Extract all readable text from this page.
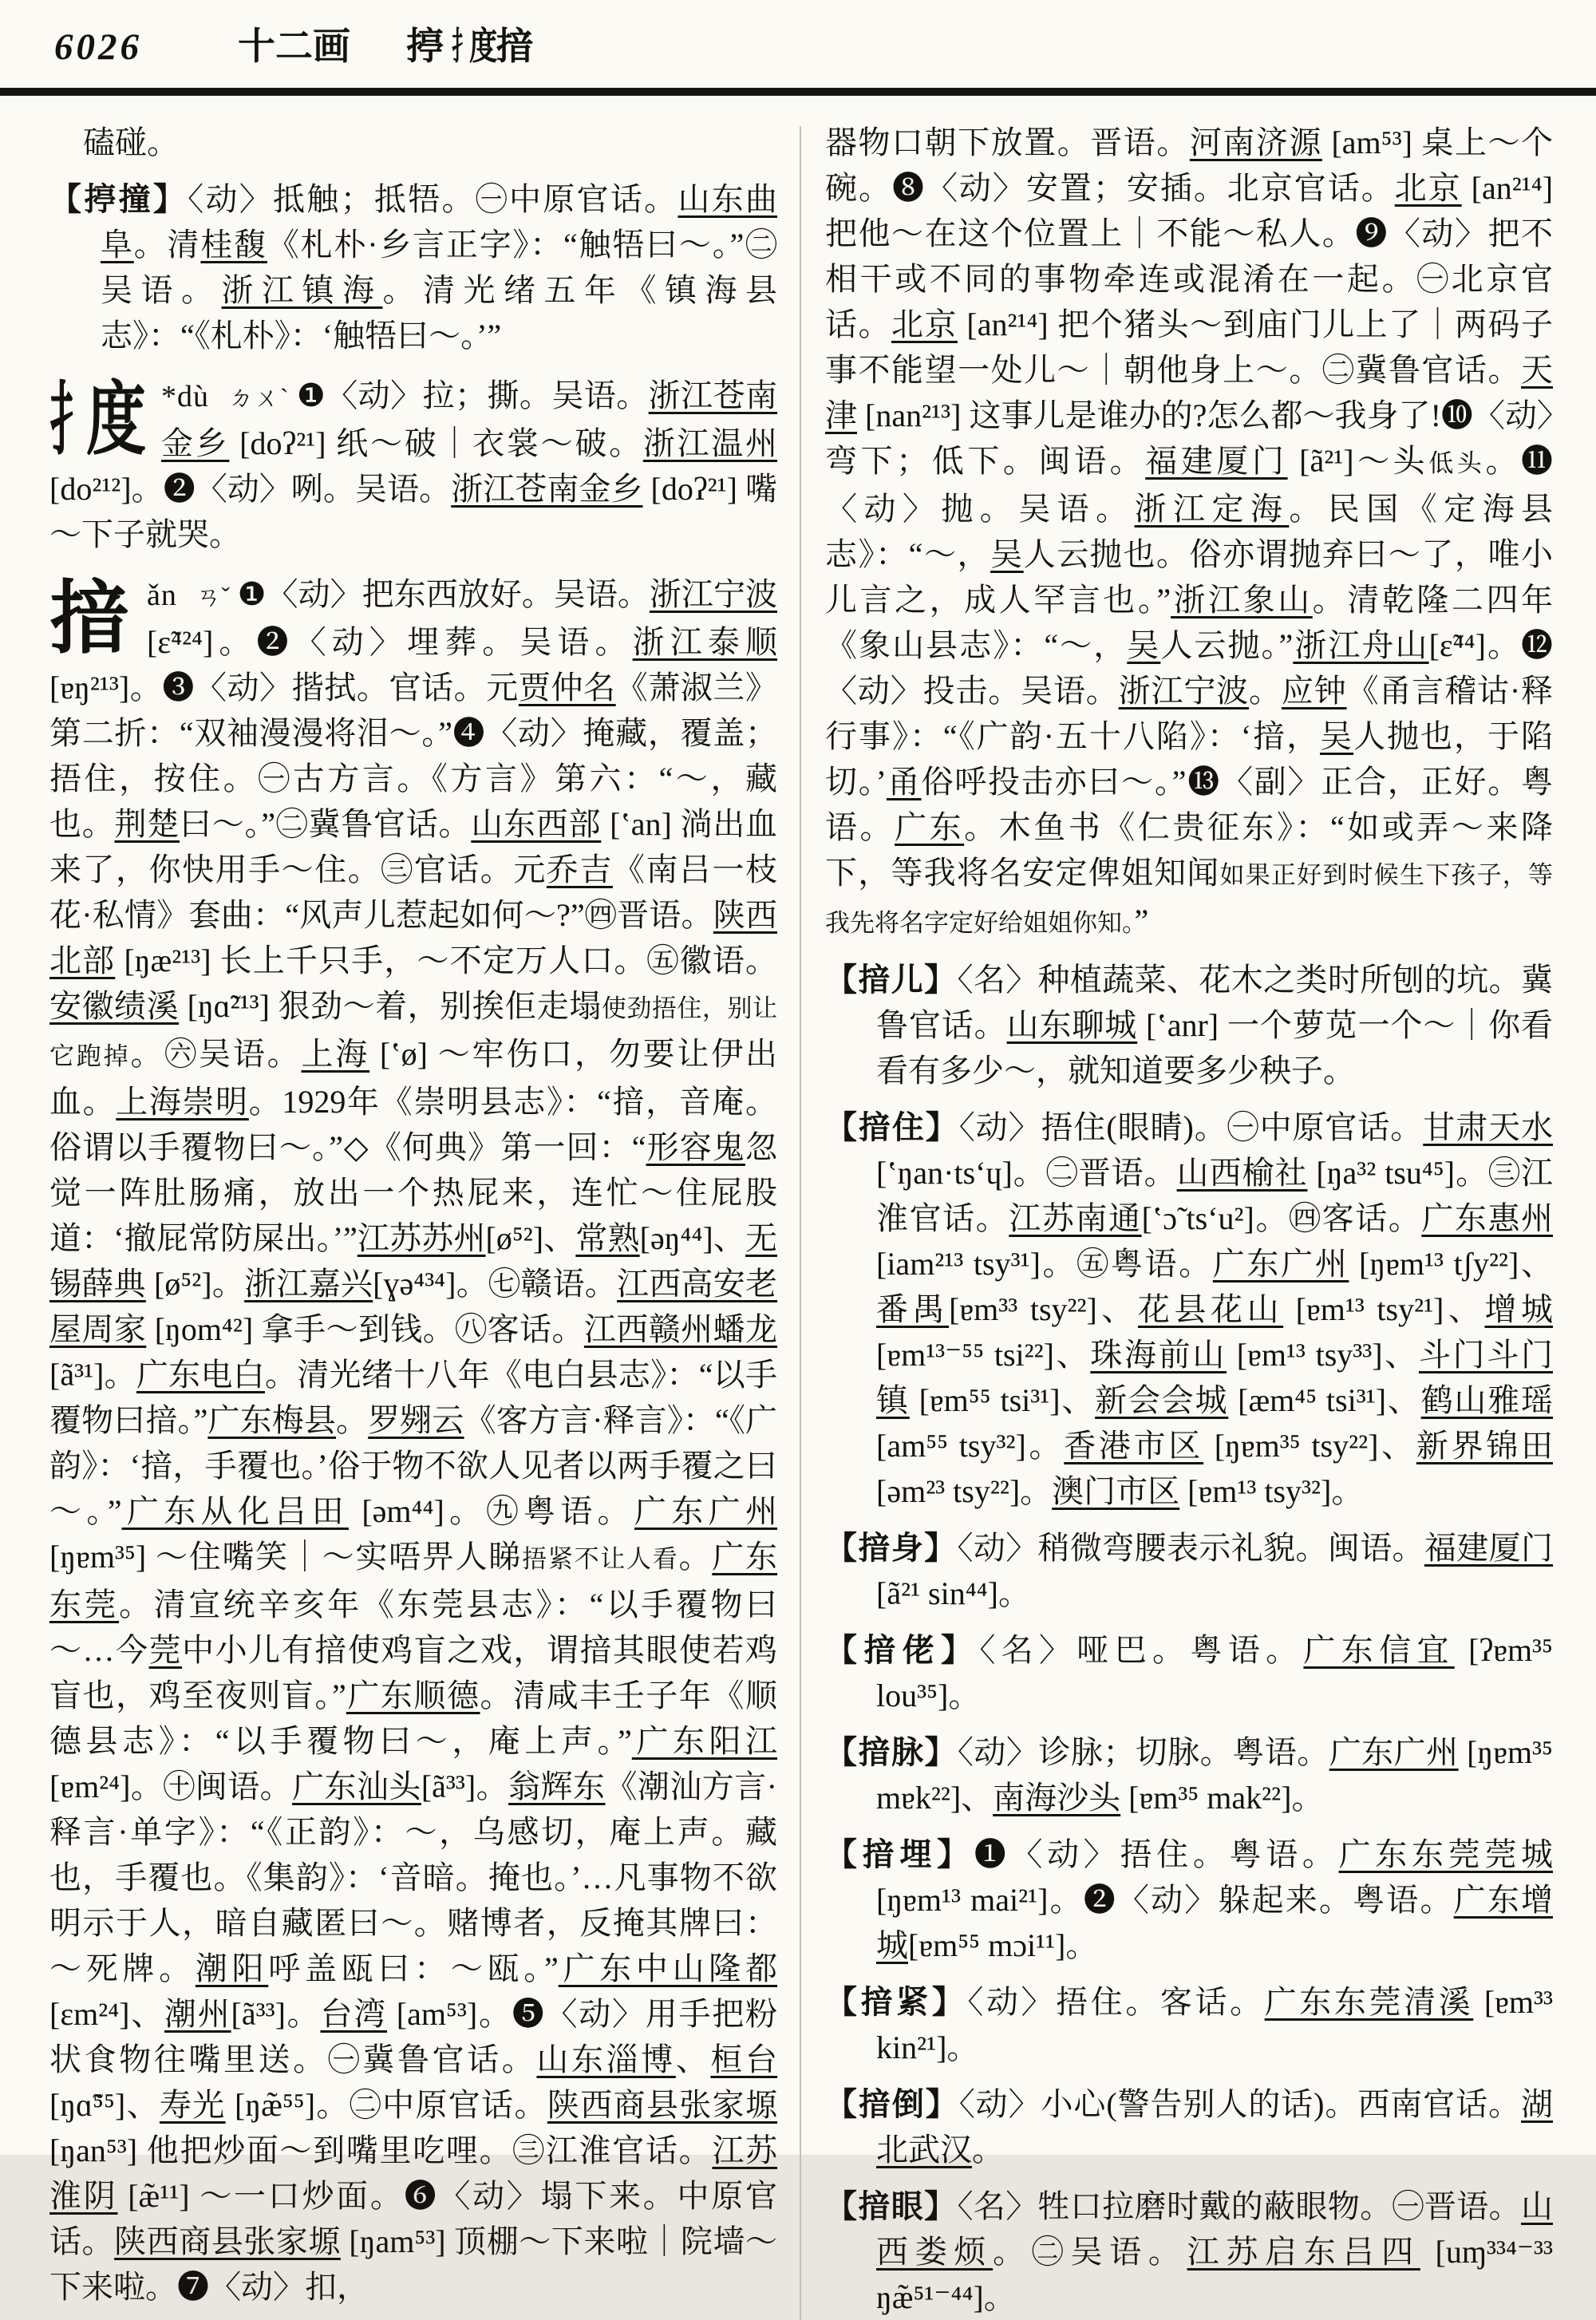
6026	十二画 揨 扌度
揞

磕碰。

【揨撞】〈动〉抵触；抵牾。㊀中原官话。山东曲阜。清桂馥《札朴·乡言正字》：“触牾曰～。”㊁吴语。浙江镇海。清光绪五年《镇海县志》：“《札朴》：‘触牾曰～。’”
扌度 *dù ㄉㄨˋ ❶〈动〉拉；撕。吴语。浙江苍南金乡 [doʔ²¹] 纸～破｜衣裳～破。浙江温州 [do²¹²]。❷〈动〉咧。吴语。浙江苍南金乡 [doʔ²¹] 嘴～下子就哭。
揞 ǎn ㄢˇ ❶〈动〉把东西放好。吴语。浙江宁波[ɛ̃⁴²⁴]。❷〈动〉埋葬。吴语。浙江泰顺 [ɐŋ²¹³]。❸〈动〉揩拭。官话。元贾仲名《萧淑兰》第二折：“双袖漫漫将泪～。”❹〈动〉掩藏，覆盖；捂住，按住。㊀古方言。《方言》第六：“～，藏也。荆楚曰～。”㊁冀鲁官话。山东西部 [ʽan] 淌出血来了，你快用手～住。㊂官话。元乔吉《南吕一枝花·私情》套曲：“风声儿惹起如何～?”㊃晋语。陕西北部 [ŋæ²¹³] 长上千只手，～不定万人口。㊄徽语。安徽绩溪 [ŋɑ̃²¹³] 狠劲～着，别挨佢走塌使劲捂住，别让它跑掉。㊅吴语。上海 [ʽø] ～牢伤口，勿要让伊出血。上海崇明。1929年《崇明县志》：“揞，音庵。俗谓以手覆物曰～。”◇《何典》第一回：“形容鬼忽觉一阵肚肠痛，放出一个热屁来，连忙～住屁股道：‘撤屁常防屎出。’”江苏苏州[ø⁵²]、常熟[əŋ⁴⁴]、无锡薛典 [ø⁵²]。浙江嘉兴[ɣə⁴³⁴]。㊆赣语。江西高安老屋周家 [ŋom⁴²] 拿手～到钱。㊇客话。江西赣州蟠龙 [ã³¹]。广东电白。清光绪十八年《电白县志》：“以手覆物曰揞。”广东梅县。罗翙云《客方言·释言》：“《广韵》：‘揞，手覆也。’俗于物不欲人见者以两手覆之曰～。”广东从化吕田 [əm⁴⁴]。㊈粤语。广东广州 [ŋɐm³⁵] ～住嘴笑｜～实唔畀人睇捂紧不让人看。广东东莞。清宣统辛亥年《东莞县志》：“以手覆物曰～…今莞中小儿有揞使鸡盲之戏，谓揞其眼使若鸡盲也，鸡至夜则盲。”广东顺德。清咸丰壬子年《顺德县志》：“以手覆物曰～，庵上声。”广东阳江 [ɐm²⁴]。㊉闽语。广东汕头[ã³³]。翁辉东《潮汕方言·释言·单字》：“《正韵》：～，乌感切，庵上声。藏也，手覆也。《集韵》：‘音暗。掩也。’…凡事物不欲明示于人，暗自藏匿曰～。赌博者，反掩其牌曰：～死牌。潮阳呼盖瓯曰：～瓯。”广东中山隆都 [ɛm²⁴]、潮州[ã³³]。台湾 [am⁵³]。❺〈动〉用手把粉状食物往嘴里送。㊀冀鲁官话。山东淄博、桓台 [ŋɑ̃⁵⁵]、寿光 [ŋæ̃⁵⁵]。㊁中原官话。陕西商县张家塬 [ŋan⁵³] 他把炒面～到嘴里吃哩。㊂江淮官话。江苏淮阴 [æ̃¹¹] ～一口炒面。❻〈动〉塌下来。中原官话。陕西商县张家塬 [ŋam⁵³] 顶棚～下来啦｜院墙～下来啦。❼〈动〉扣，

器物口朝下放置。晋语。河南济源 [am⁵³] 桌上～个碗。❽〈动〉安置；安插。北京官话。北京 [an²¹⁴] 把他～在这个位置上｜不能～私人。❾〈动〉把不相干或不同的事物牵连或混淆在一起。㊀北京官话。北京 [an²¹⁴] 把个猪头～到庙门儿上了｜两码子事不能望一处儿～｜朝他身上～。㊁冀鲁官话。天津 [nan²¹³] 这事儿是谁办的?怎么都～我身了!❿〈动〉弯下；低下。闽语。福建厦门 [ã²¹]～头低头。⓫〈动〉抛。吴语。浙江定海。民国《定海县志》：“～，吴人云抛也。俗亦谓抛弃曰～了，唯小儿言之，成人罕言也。”浙江象山。清乾隆二四年《象山县志》：“～，吴人云抛。”浙江舟山[ɛ̃⁴⁴]。⓬〈动〉投击。吴语。浙江宁波。应钟《甬言稽诂·释行事》：“《广韵·五十八陷》：‘揞，吴人抛也，于陷切。’甬俗呼投击亦曰～。”⓭〈副〉正合，正好。粤语。广东。木鱼书《仁贵征东》：“如或弄～来降下，等我将名安定俾姐知闻如果正好到时候生下孩子，等我先将名字定好给姐姐你知。”

【揞儿】〈名〉种植蔬菜、花木之类时所刨的坑。冀鲁官话。山东聊城 [ʽanr] 一个萝苋一个～｜你看看有多少～，就知道要多少秧子。
【揞住】〈动〉捂住(眼睛)。㊀中原官话。甘肃天水[ʽŋan·tsʻɥ]。㊁晋语。山西榆社 [ŋa³² tsu⁴⁵]。㊂江淮官话。江苏南通[ʽɔ̃ tsʻu²]。㊃客话。广东惠州 [iam²¹³ tsy³¹]。㊄粤语。广东广州 [ŋɐm¹³ tʃy²²]、番禺[ɐm³³ tsy²²]、花县花山 [ɐm¹³ tsy²¹]、增城 [ɐm¹³⁻⁵⁵ tsi²²]、珠海前山 [ɐm¹³ tsy³³]、斗门斗门镇 [ɐm⁵⁵ tsi³¹]、新会会城 [æm⁴⁵ tsi³¹]、鹤山雅瑶 [am⁵⁵ tsy³²]。香港市区 [ŋɐm³⁵ tsy²²]、新界锦田 [əm²³ tsy²²]。澳门市区 [ɐm¹³ tsy³²]。
【揞身】〈动〉稍微弯腰表示礼貌。闽语。福建厦门 [ã²¹ sin⁴⁴]。
【揞佬】〈名〉哑巴。粤语。广东信宜 [ʔɐm³⁵ lou³⁵]。
【揞脉】〈动〉诊脉；切脉。粤语。广东广州 [ŋɐm³⁵ mɐk²²]、南海沙头 [ɐm³⁵ mak²²]。
【揞埋】❶〈动〉捂住。粤语。广东东莞莞城 [ŋɐm¹³ mai²¹]。❷〈动〉躲起来。粤语。广东增城[ɐm⁵⁵ mɔi¹¹]。
【揞紧】〈动〉捂住。客话。广东东莞清溪 [ɐm³³ kin²¹]。
【揞倒】〈动〉小心(警告别人的话)。西南官话。湖北武汉。
【揞眼】〈名〉牲口拉磨时戴的蔽眼物。㊀晋语。山西娄烦。㊁吴语。江苏启东吕四 [uɱ³³⁴⁻³³ ŋæ̃⁵¹⁻⁴⁴]。
